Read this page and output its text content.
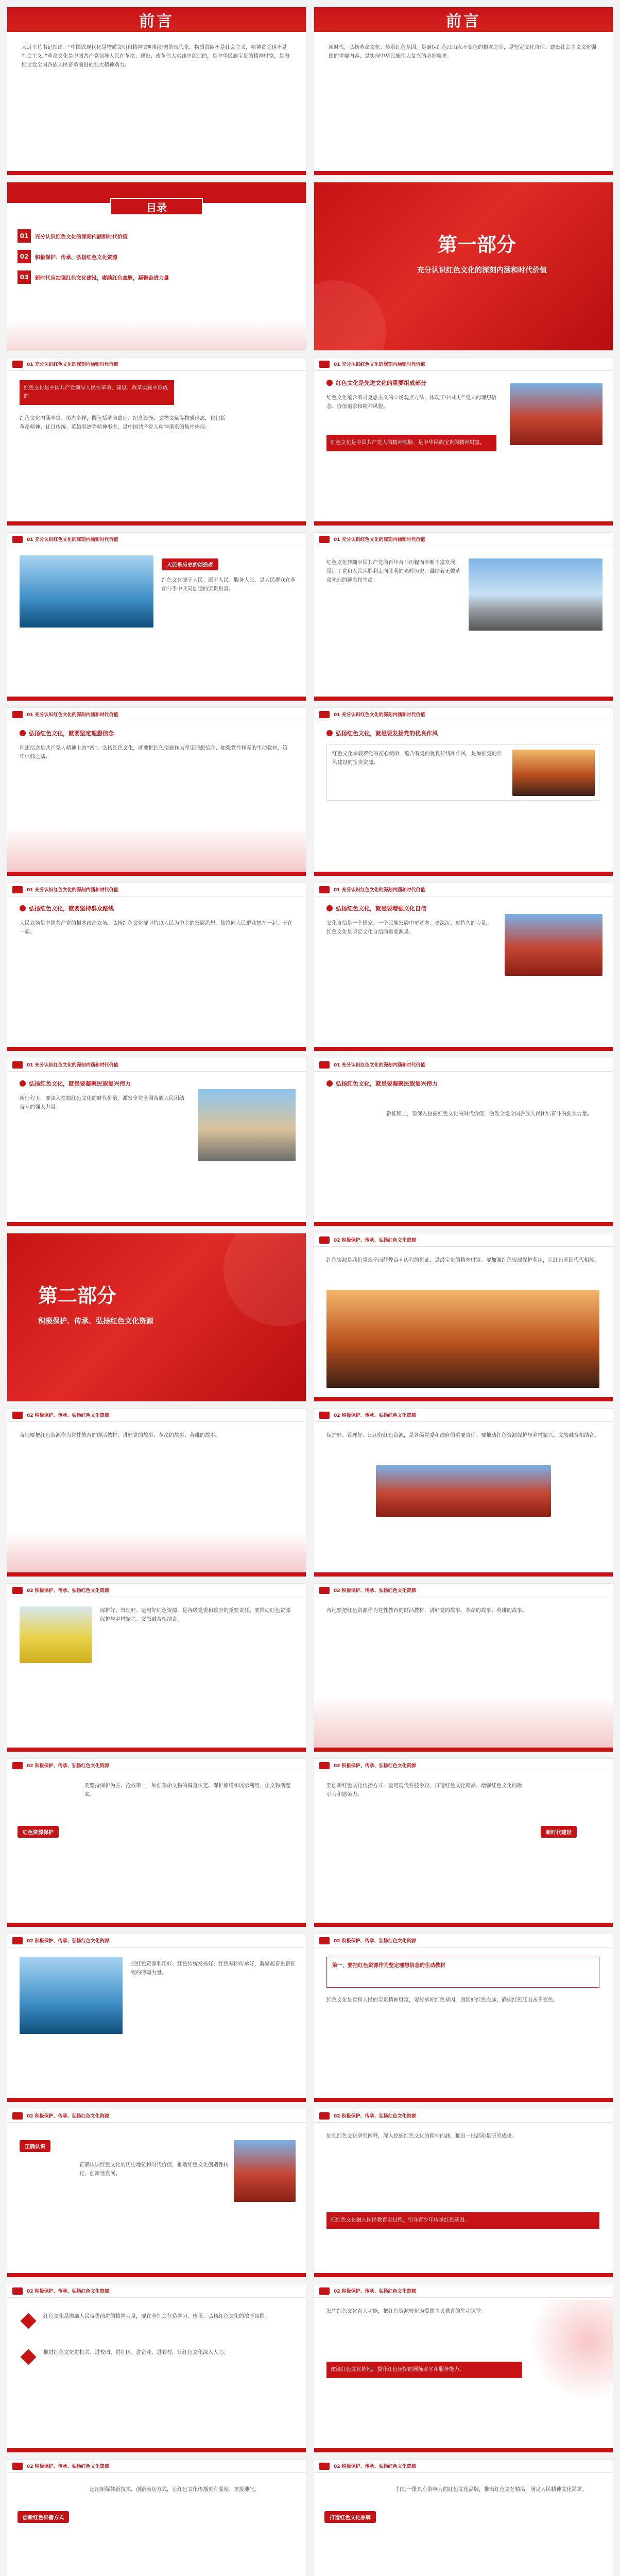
前言
习近平总书记指出：“中国式现代化是物质文明和精神文明相协调的现代化。物质贫困不是社会主义，精神贫乏也不是社会主义。”革命文化是中国共产党领导人民在革命、建设、改革伟大实践中创造的，是中华民族宝贵的精神财富，是激励全党全国各族人民奋勇前进的强大精神动力。
前言
新时代，弘扬革命文化、传承红色基因，是确保红色江山永不变色的根本之举，是坚定文化自信、建设社会主义文化强国的重要内容，是实现中华民族伟大复兴的必然要求。
目录
01	充分认识红色文化的深刻内涵和时代价值
02	积极保护、传承、弘扬红色文化资源
03	新时代应加强红色文化建设，赓续红色血脉，凝聚奋进力量
第一部分
充分认识红色文化的深刻内涵和时代价值
01 充分认识红色文化的深刻内涵和时代价值
红色文化是中国共产党领导人民在革命、建设、改革实践中形成的
红色文化内涵丰富、形态多样，既包括革命遗址、纪念设施、文物文献等物质形态，也包括革命精神、优良传统、英雄事迹等精神形态，是中国共产党人精神谱系的集中体现。
01 充分认识红色文化的深刻内涵和时代价值
红色文化是先进文化的重要组成部分
红色文化蕴含着马克思主义的立场观点方法，体现了中国共产党人的理想信念、价值追求和精神风貌。
红色文化是中国共产党人的精神根脉，是中华民族宝贵的精神财富。
01 充分认识红色文化的深刻内涵和时代价值
人民是历史的创造者
红色文化源于人民、属于人民、服务人民，是人民群众在革命斗争中共同创造的宝贵财富。
01 充分认识红色文化的深刻内涵和时代价值
红色文化伴随中国共产党的百年奋斗历程而不断丰富发展，见证了党和人民从胜利走向胜利的光辉历史，凝结着无数革命先烈的鲜血和生命。
01 充分认识红色文化的深刻内涵和时代价值
弘扬红色文化，就要坚定理想信念
理想信念是共产党人精神上的“钙”。弘扬红色文化，就要把红色资源作为坚定理想信念、加强党性修养的生动教材，筑牢信仰之基。
01 充分认识红色文化的深刻内涵和时代价值
弘扬红色文化，就是要发扬党的优良作风
红色文化承载着党的初心使命，蕴含着党的优良传统和作风，是加强党的作风建设的宝贵资源。
01 充分认识红色文化的深刻内涵和时代价值
弘扬红色文化，就要坚持群众路线
人民立场是中国共产党的根本政治立场，弘扬红色文化要坚持以人民为中心的发展思想，始终同人民群众想在一起、干在一起。
01 充分认识红色文化的深刻内涵和时代价值
弘扬红色文化，就是要增强文化自信
文化自信是一个国家、一个民族发展中更基本、更深沉、更持久的力量，红色文化是坚定文化自信的重要源泉。
01 充分认识红色文化的深刻内涵和时代价值
弘扬红色文化，就是要凝聚民族复兴伟力
新征程上，要深入挖掘红色文化的时代价值，激发全党全国各族人民团结奋斗的强大力量。
01 充分认识红色文化的深刻内涵和时代价值
弘扬红色文化，就是要凝聚民族复兴伟力
新征程上，要深入挖掘红色文化的时代价值，激发全党全国各族人民团结奋斗的强大力量。
第二部分
积极保护、传承、弘扬红色文化资源
02 积极保护、传承、弘扬红色文化资源
红色资源是我们党艰辛而辉煌奋斗历程的见证，是最宝贵的精神财富。要加强红色资源保护利用，让红色基因代代相传。
02 积极保护、传承、弘扬红色文化资源
各地要把红色资源作为党性教育的鲜活教材，讲好党的故事、革命的故事、英雄的故事。
02 积极保护、传承、弘扬红色文化资源
保护好、管理好、运用好红色资源，是各级党委和政府的重要责任。要推动红色资源保护与乡村振兴、文旅融合相结合。
02 积极保护、传承、弘扬红色文化资源
保护好、管理好、运用好红色资源，是各级党委和政府的重要责任。要推动红色资源保护与乡村振兴、文旅融合相结合。
02 积极保护、传承、弘扬红色文化资源
各地要把红色资源作为党性教育的鲜活教材，讲好党的故事、革命的故事、英雄的故事。
02 积极保护、传承、弘扬红色文化资源
要坚持保护为主、抢救第一，加强革命文物的调查认定、保护修缮和展示利用，让文物活起来。
红色资源保护
02 积极保护、传承、弘扬红色文化资源
要创新红色文化传播方式，运用现代科技手段，打造红色文化精品，增强红色文化的吸引力和感染力。
新时代建设
02 积极保护、传承、弘扬红色文化资源
把红色资源利用好、红色传统发扬好、红色基因传承好，凝聚起奋进新征程的磅礴力量。
02 积极保护、传承、弘扬红色文化资源
第一，要把红色资源作为坚定理想信念的生动教材
红色文化是党和人民的宝贵精神财富，要传承好红色基因，赓续好红色血脉，确保红色江山永不变色。
02 积极保护、传承、弘扬红色文化资源
正确认识
正确认识红色文化的历史地位和时代价值，推动红色文化创造性转化、创新性发展。
02 积极保护、传承、弘扬红色文化资源
加强红色文化研究阐释，深入挖掘红色文化的精神内涵，推出一批高质量研究成果。
把红色文化融入国民教育全过程，引导青少年传承红色基因。
02 积极保护、传承、弘扬红色文化资源
红色文化是激励人民奋勇前进的精神力量，要在全社会营造学习、传承、弘扬红色文化的浓厚氛围。
推进红色文化进机关、进校园、进社区、进企业、进农村，让红色文化深入人心。
02 积极保护、传承、弘扬红色文化资源
发挥红色文化育人功能，把红色资源转化为爱国主义教育的生动课堂。
建设红色文化阵地，提升红色场馆的展陈水平和服务能力。
02 积极保护、传承、弘扬红色文化资源
创新红色传播方式
运用新媒体新技术，创新表达方式，让红色文化传播更有温度、更接地气。
02 积极保护、传承、弘扬红色文化资源
打造红色文化品牌
打造一批具有影响力的红色文化品牌，推出红色文艺精品，满足人民精神文化需求。
